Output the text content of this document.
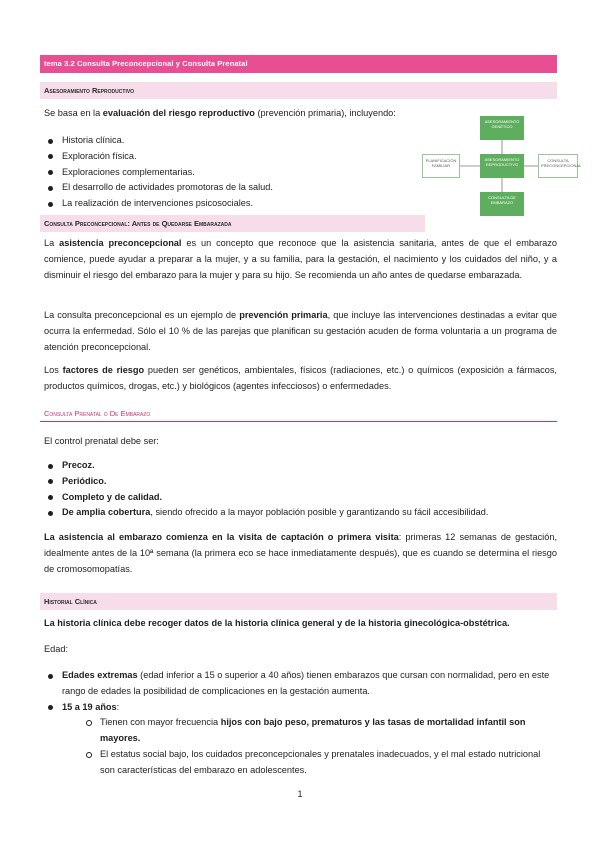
tema 3.2 Consulta Preconcepcional y Consulta Prenatal
Asesoramiento Reproductivo

Se basa en la evaluación del riesgo reproductivo (prevención primaria), incluyendo:

Historia clínica.
Exploración física.
Exploraciones complementarias.
El desarrollo de actividades promotoras de la salud.
La realización de intervenciones psicosociales.
ASESORAMIENTO GENÉTICO
ASESORAMIENTO REPRODUCTIVO
PLANIFICACIÓN FAMILIAR
CONSULTA PRECONCEPCIONAL
CONSULTA DE EMBARAZO
Consulta Preconcepcional: Antes de Quedarse Embarazada

La asistencia preconcepcional es un concepto que reconoce que la asistencia sanitaria, antes de que el embarazo comience, puede ayudar a preparar a la mujer, y a su familia, para la gestación, el nacimiento y los cuidados del niño, y a disminuir el riesgo del embarazo para la mujer y para su hijo. Se recomienda un año antes de quedarse embarazada.

La consulta preconcepcional es un ejemplo de prevención primaria, que incluye las intervenciones destinadas a evitar que ocurra la enfermedad. Sólo el 10 % de las parejas que planifican su gestación acuden de forma voluntaria a un programa de atención preconcepcional.

Los factores de riesgo pueden ser genéticos, ambientales, físicos (radiaciones, etc.) o químicos (exposición a fármacos, productos químicos, drogas, etc.) y biológicos (agentes infecciosos) o enfermedades.

Consulta Prenatal o De Embarazo

El control prenatal debe ser:

Precoz.
Periódico.
Completo y de calidad.
De amplia cobertura, siendo ofrecido a la mayor población posible y garantizando su fácil accesibilidad.

La asistencia al embarazo comienza en la visita de captación o primera visita: primeras 12 semanas de gestación, idealmente antes de la 10ª semana (la primera eco se hace inmediatamente después), que es cuando se determina el riesgo de cromosomopatías.

Historial Clínica

La historia clínica debe recoger datos de la historia clínica general y de la historia ginecológica-obstétrica.

Edad:

Edades extremas (edad inferior a 15 o superior a 40 años) tienen embarazos que cursan con normalidad, pero en este rango de edades la posibilidad de complicaciones en la gestación aumenta.
15 a 19 años:
Tienen con mayor frecuencia hijos con bajo peso, prematuros y las tasas de mortalidad infantil son mayores.
El estatus social bajo, los cuidados preconcepcionales y prenatales inadecuados, y el mal estado nutricional son características del embarazo en adolescentes.
1
